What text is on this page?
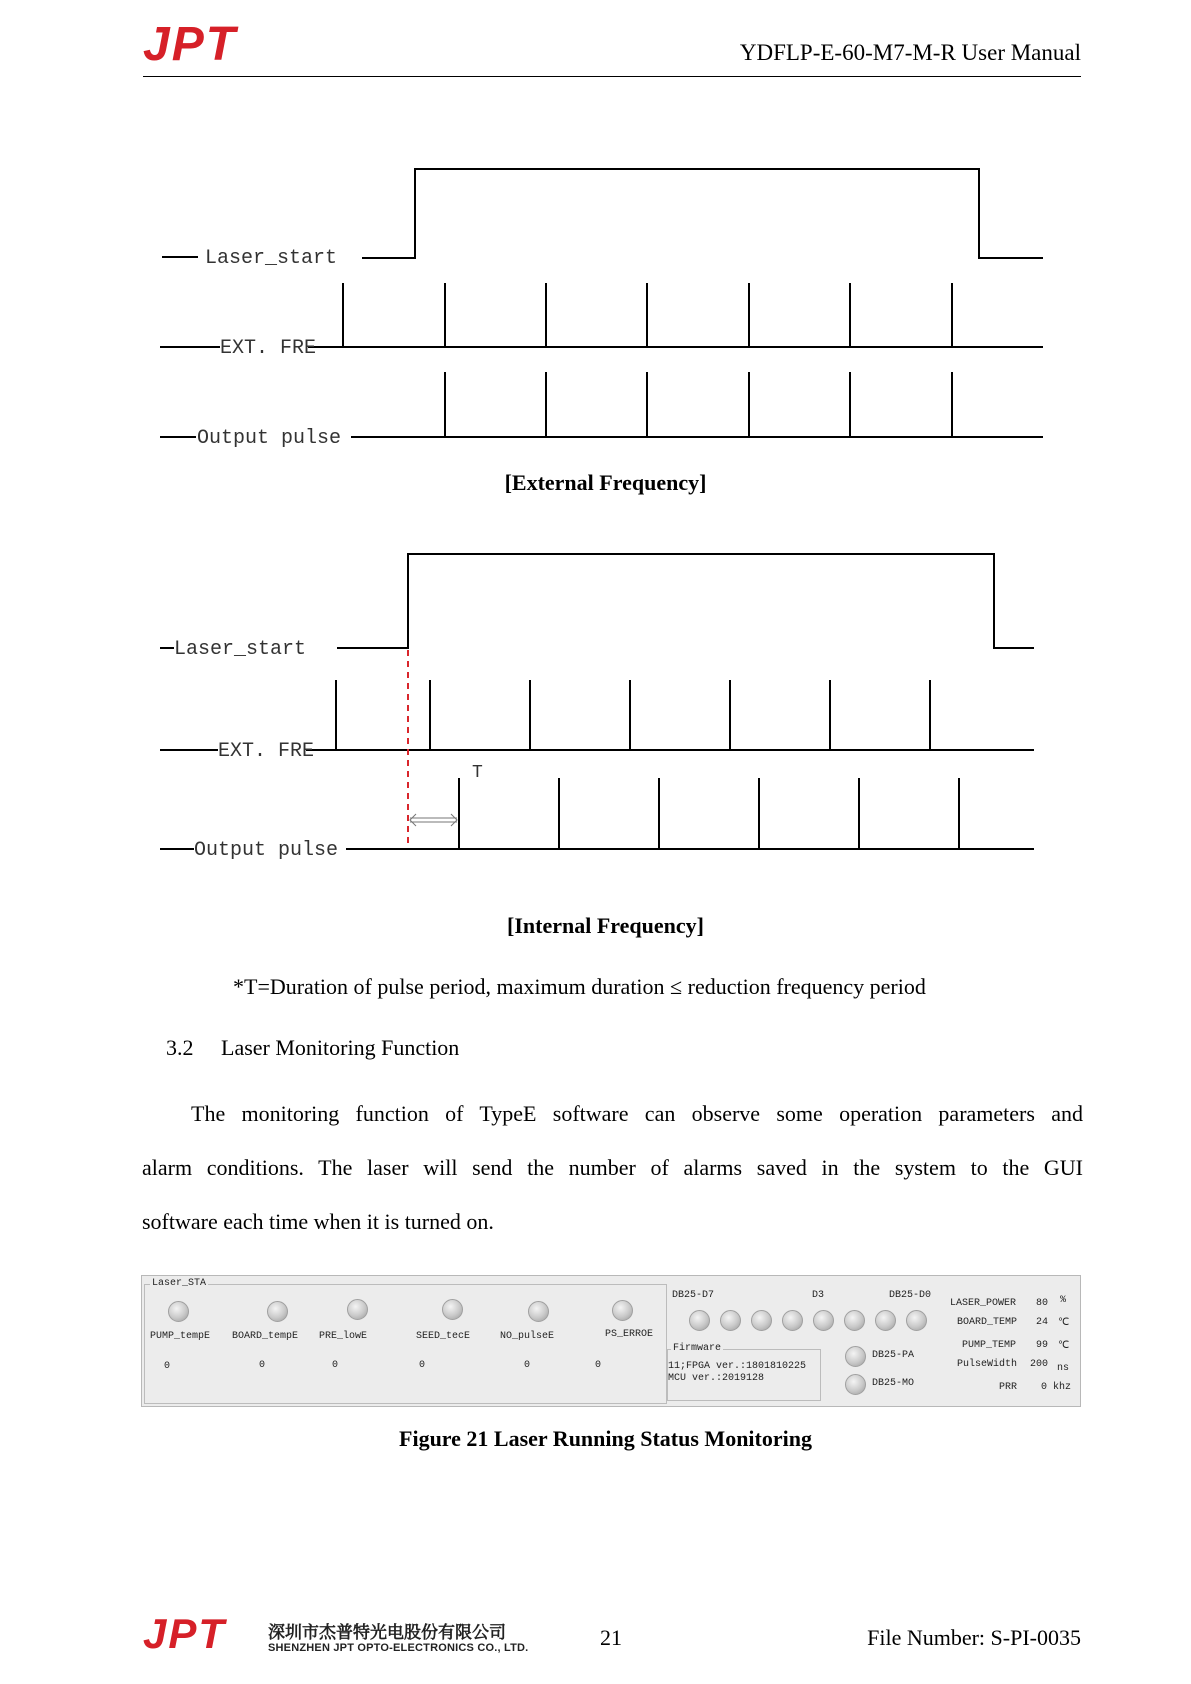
JPT	YDFLP-E-60-M7-M-R User Manual
Laser_start
EXT. FRE
Output pulse
[External Frequency]
Laser_start
EXT. FRE
Output pulse
T
[Internal Frequency]
*T=Duration of pulse period, maximum duration ≤ reduction frequency period
3.2 Laser Monitoring Function
The monitoring function of TypeE software can observe some operation parameters and
alarm conditions. The laser will send the number of alarms saved in the system to the GUI
software each time when it is turned on.
Laser_STA
PUMP_tempE
0
BOARD_tempE
0
PRE_lowE
0
SEED_tecE
0
NO_pulseE
0
PS_ERROE
0
DB25-D7	D3	DB25-D0
Firmware
11;FPGA ver.:1801810225
MCU ver.:2019128
DB25-PA
DB25-MO
LASER_POWER 80 %
BOARD_TEMP 24 ℃
PUMP_TEMP 99 ℃
PulseWidth 200 ns
PRR 0 khz
Figure 21 Laser Running Status Monitoring
JPT 深圳市杰普特光电股份有限公司
SHENZHEN JPT OPTO-ELECTRONICS CO., LTD.	21	File Number: S-PI-0035
